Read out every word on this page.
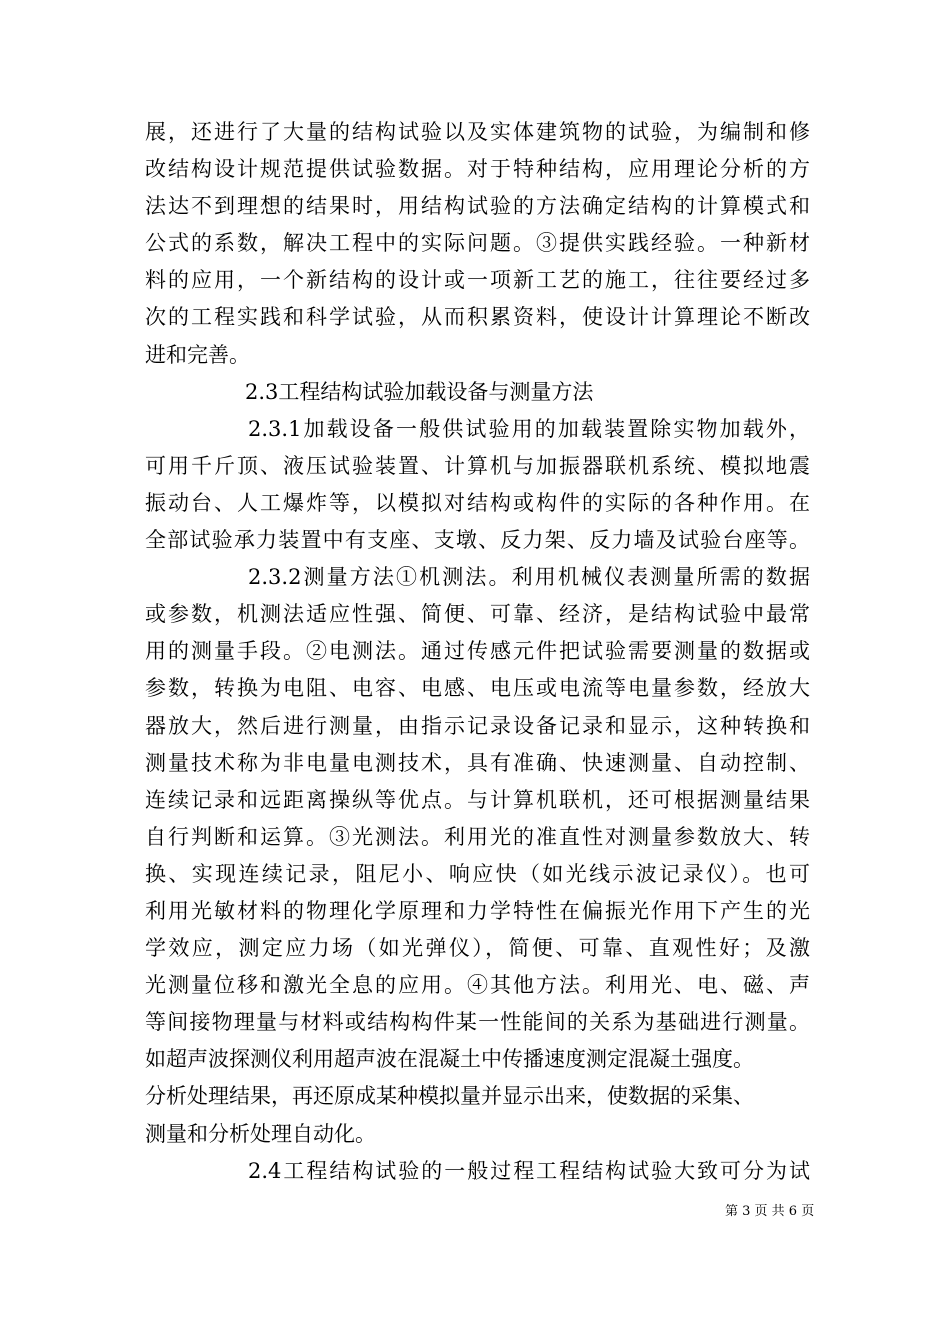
展，还进行了大量的结构试验以及实体建筑物的试验，为编制和修
改结构设计规范提供试验数据。对于特种结构，应用理论分析的方
法达不到理想的结果时，用结构试验的方法确定结构的计算模式和
公式的系数，解决工程中的实际问题。③提供实践经验。一种新材
料的应用，一个新结构的设计或一项新工艺的施工，往往要经过多
次的工程实践和科学试验，从而积累资料，使设计计算理论不断改
进和完善。
2.3工程结构试验加载设备与测量方法
2.3.1加载设备一般供试验用的加载装置除实物加载外，
可用千斤顶、液压试验装置、计算机与加振器联机系统、模拟地震
振动台、人工爆炸等，以模拟对结构或构件的实际的各种作用。在
全部试验承力装置中有支座、支墩、反力架、反力墙及试验台座等。
2.3.2测量方法①机测法。利用机械仪表测量所需的数据
或参数，机测法适应性强、简便、可靠、经济，是结构试验中最常
用的测量手段。②电测法。通过传感元件把试验需要测量的数据或
参数，转换为电阻、电容、电感、电压或电流等电量参数，经放大
器放大，然后进行测量，由指示记录设备记录和显示，这种转换和
测量技术称为非电量电测技术，具有准确、快速测量、自动控制、
连续记录和远距离操纵等优点。与计算机联机，还可根据测量结果
自行判断和运算。③光测法。利用光的准直性对测量参数放大、转
换、实现连续记录，阻尼小、响应快（如光线示波记录仪）。也可
利用光敏材料的物理化学原理和力学特性在偏振光作用下产生的光
学效应，测定应力场（如光弹仪），简便、可靠、直观性好；及激
光测量位移和激光全息的应用。④其他方法。利用光、电、磁、声
等间接物理量与材料或结构构件某一性能间的关系为基础进行测量。
如超声波探测仪利用超声波在混凝土中传播速度测定混凝土强度。
分析处理结果，再还原成某种模拟量并显示出来，使数据的采集、
测量和分析处理自动化。
2.4工程结构试验的一般过程工程结构试验大致可分为试
第 3 页 共 6 页
